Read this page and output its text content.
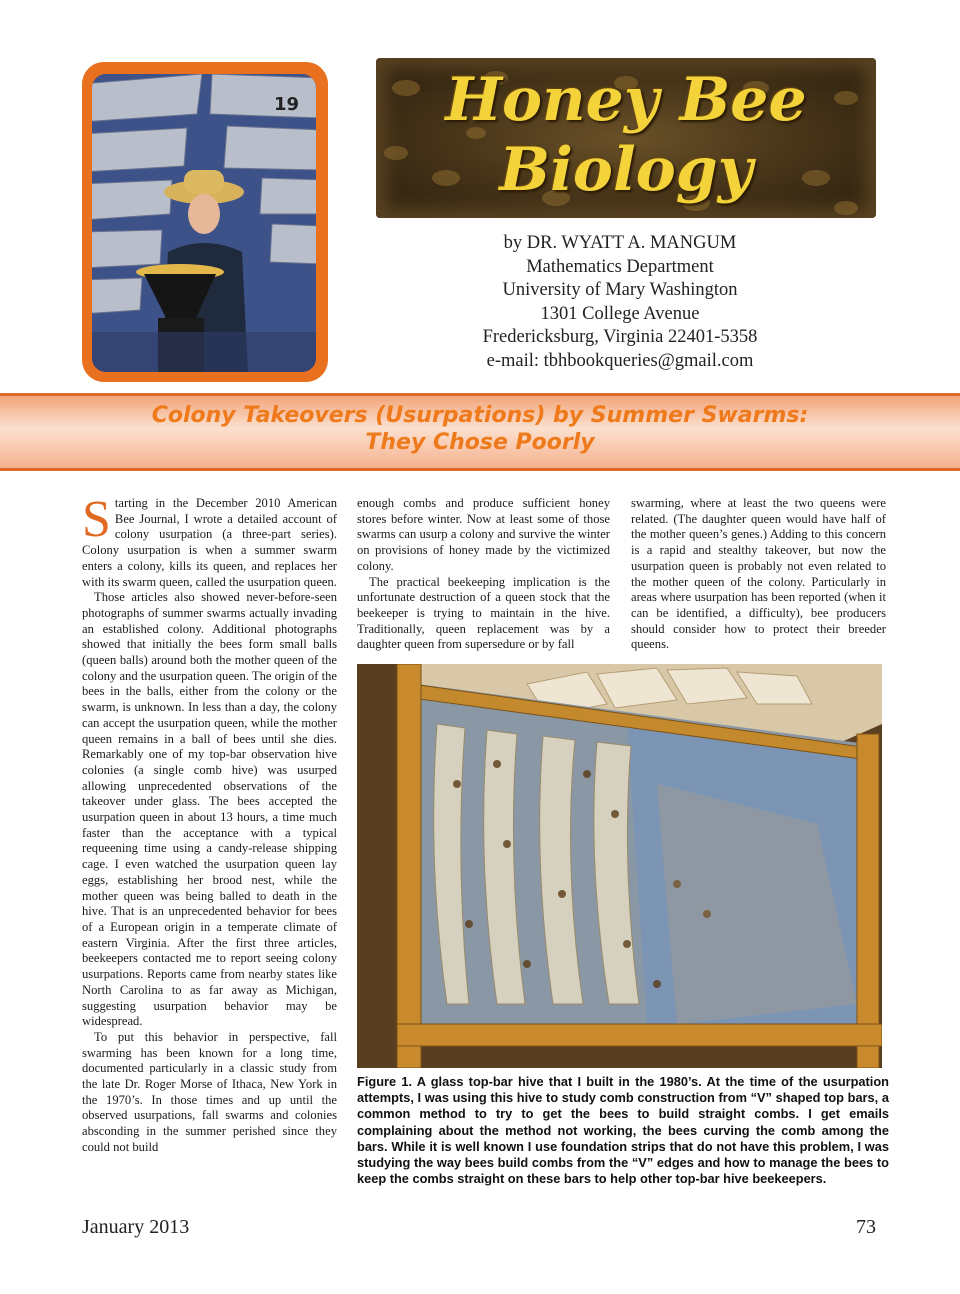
19	Honey Bee
Biology
by DR. WYATT A. MANGUM
Mathematics Department
University of Mary Washington
1301 College Avenue
Fredericksburg, Virginia 22401-5358
e-mail: tbhbookqueries@gmail.com
Colony Takeovers (Usurpations) by Summer Swarms:
They Chose Poorly

Starting in the December 2010 American Bee Journal, I wrote a detailed account of colony usurpation (a three-part series). Colony usurpation is when a summer swarm enters a colony, kills its queen, and replaces her with its swarm queen, called the usurpation queen.

Those articles also showed never-before-seen photographs of summer swarms actually invading an established colony. Additional photographs showed that initially the bees form small balls (queen balls) around both the mother queen of the colony and the usurpation queen. The origin of the bees in the balls, either from the colony or the swarm, is unknown. In less than a day, the colony can accept the usurpation queen, while the mother queen remains in a ball of bees until she dies. Remarkably one of my top-bar observation hive colonies (a single comb hive) was usurped allowing unprecedented observations of the takeover under glass. The bees accepted the usurpation queen in about 13 hours, a time much faster than the acceptance with a typical requeening time using a candy-release shipping cage. I even watched the usurpation queen lay eggs, establishing her brood nest, while the mother queen was being balled to death in the hive. That is an unprecedented behavior for bees of a European origin in a temperate climate of eastern Virginia. After the first three articles, beekeepers contacted me to report seeing colony usurpations. Reports came from nearby states like North Carolina to as far away as Michigan, suggesting usurpation behavior may be widespread.

To put this behavior in perspective, fall swarming has been known for a long time, documented particularly in a classic study from the late Dr. Roger Morse of Ithaca, New York in the 1970’s. In those times and up until the observed usurpations, fall swarms and colonies absconding in the summer perished since they could not build

enough combs and produce sufficient honey stores before winter. Now at least some of those swarms can usurp a colony and survive the winter on provisions of honey made by the victimized colony.

The practical beekeeping implication is the unfortunate destruction of a queen stock that the beekeeper is trying to maintain in the hive. Traditionally, queen replacement was by a daughter queen from supersedure or by fall

swarming, where at least the two queens were related. (The daughter queen would have half of the mother queen’s genes.) Adding to this concern is a rapid and stealthy takeover, but now the usurpation queen is probably not even related to the mother queen of the colony. Particularly in areas where usurpation has been reported (when it can be identified, a difficulty), bee producers should consider how to protect their breeder queens.

Figure 1. A glass top-bar hive that I built in the 1980’s. At the time of the usurpation attempts, I was using this hive to study comb construction from “V” shaped top bars, a common method to try to get the bees to build straight combs. I get emails complaining about the method not working, the bees curving the comb among the bars. While it is well known I use foundation strips that do not have this problem, I was studying the way bees build combs from the “V” edges and how to manage the bees to keep the combs straight on these bars to help other top-bar hive beekeepers.
January 2013	73
